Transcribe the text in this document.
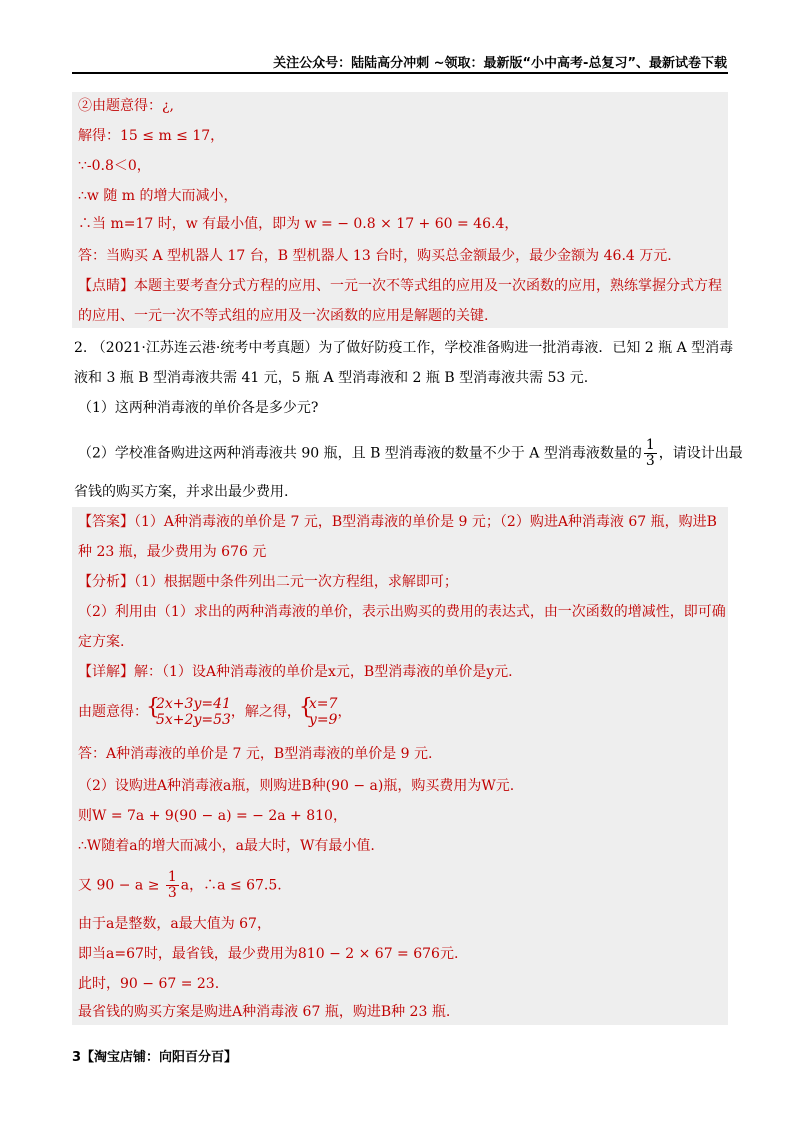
关注公众号：陆陆高分冲刺 ~领取：最新版“小中高考-总复习”、最新试卷下载
②由题意得：¿,
解得：15 ≤ m ≤ 17，
∵-0.8＜0，
∴w 随 m 的增大而减小，
∴当 m=17 时，w 有最小值，即为 w = − 0.8 × 17 + 60 = 46.4，
答：当购买 A 型机器人 17 台，B 型机器人 13 台时，购买总金额最少，最少金额为 46.4 万元.
【点睛】本题主要考查分式方程的应用、一元一次不等式组的应用及一次函数的应用，熟练掌握分式方程
的应用、一元一次不等式组的应用及一次函数的应用是解题的关键.
2. （2021·江苏连云港·统考中考真题）为了做好防疫工作，学校准备购进一批消毒液．已知 2 瓶 A 型消毒
液和 3 瓶 B 型消毒液共需 41 元，5 瓶 A 型消毒液和 2 瓶 B 型消毒液共需 53 元.
（1）这两种消毒液的单价各是多少元?
（2）学校准备购进这两种消毒液共 90 瓶，且 B 型消毒液的数量不少于 A 型消毒液数量的 $\frac{1}{3}$ ，请设计出最
省钱的购买方案，并求出最少费用.
【答案】（1）A种消毒液的单价是 7 元，B型消毒液的单价是 9 元；（2）购进A种消毒液 67 瓶，购进B
种 23 瓶，最少费用为 676 元
【分析】（1）根据题中条件列出二元一次方程组，求解即可；
（2）利用由（1）求出的两种消毒液的单价，表示出购买的费用的表达式，由一次函数的增减性，即可确
定方案.
【详解】解：（1）设A种消毒液的单价是x元，B型消毒液的单价是y元.
由题意得： { 2x+3y=41
5x+2y=53 ，解之得， { x=7
y=9 ，
答：A种消毒液的单价是 7 元，B型消毒液的单价是 9 元.
（2）设购进A种消毒液a瓶，则购进B种(90 − a)瓶，购买费用为W元.
则W = 7a + 9(90 − a) = − 2a + 810，
∴W随着a的增大而减小，a最大时，W有最小值.
又 $90 - a \ge \frac{1}{3}$ a，∴a ≤ 67.5.
由于a是整数，a最大值为 67，
即当a=67时，最省钱，最少费用为810 − 2 × 67 = 676元.
此时，90 − 67 = 23.
最省钱的购买方案是购进A种消毒液 67 瓶，购进B种 23 瓶.
3【淘宝店铺：向阳百分百】
